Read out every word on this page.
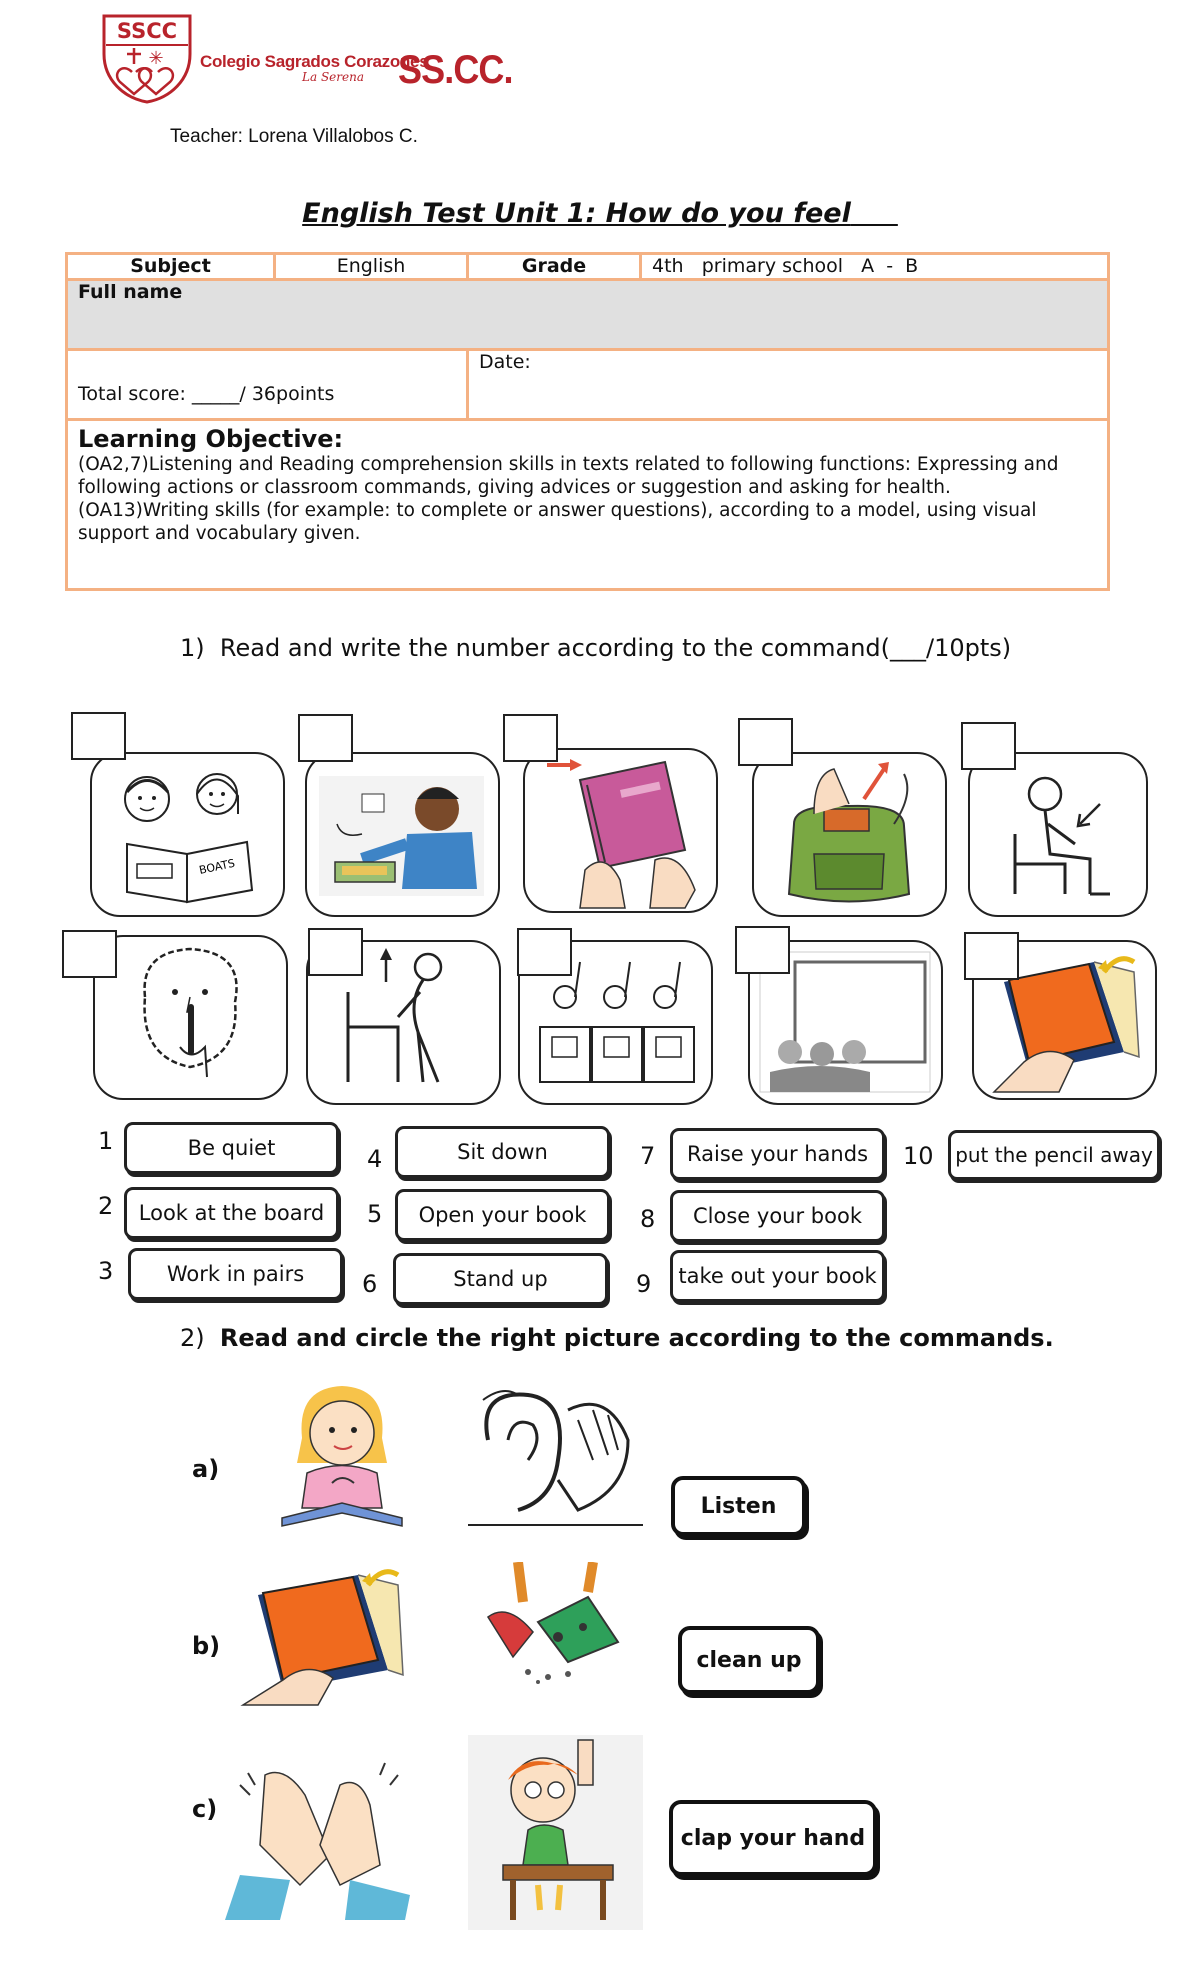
SSCC
✳ Colegio Sagrados Corazones
La Serena SS.CC.
Teacher: Lorena Villalobos C.
English Test Unit 1: How do you feel
Subject	English	Grade	4th   primary school   A  -  B
Full name			
Total score: _____/ 36points		Date:	

Learning Objective:
(OA2,7)Listening and Reading comprehension skills in texts related to following functions: Expressing and following actions or classroom commands, giving advices or suggestion and asking for health.
(OA13)Writing skills (for example: to complete or answer questions), according to a model, using visual support and vocabulary given.			
1) Read and write the number according to the command(___/10pts)
BOATS
1	Be quiet
2	Look at the board
3	Work in pairs
4	Sit down
5	Open your book
6	Stand up
7	Raise your hands
8	Close your book
9	take out your book
10	put the pencil away
2) Read and circle the right picture according to the commands.
a)
Listen
b)	clean up
c)
clap your hand
